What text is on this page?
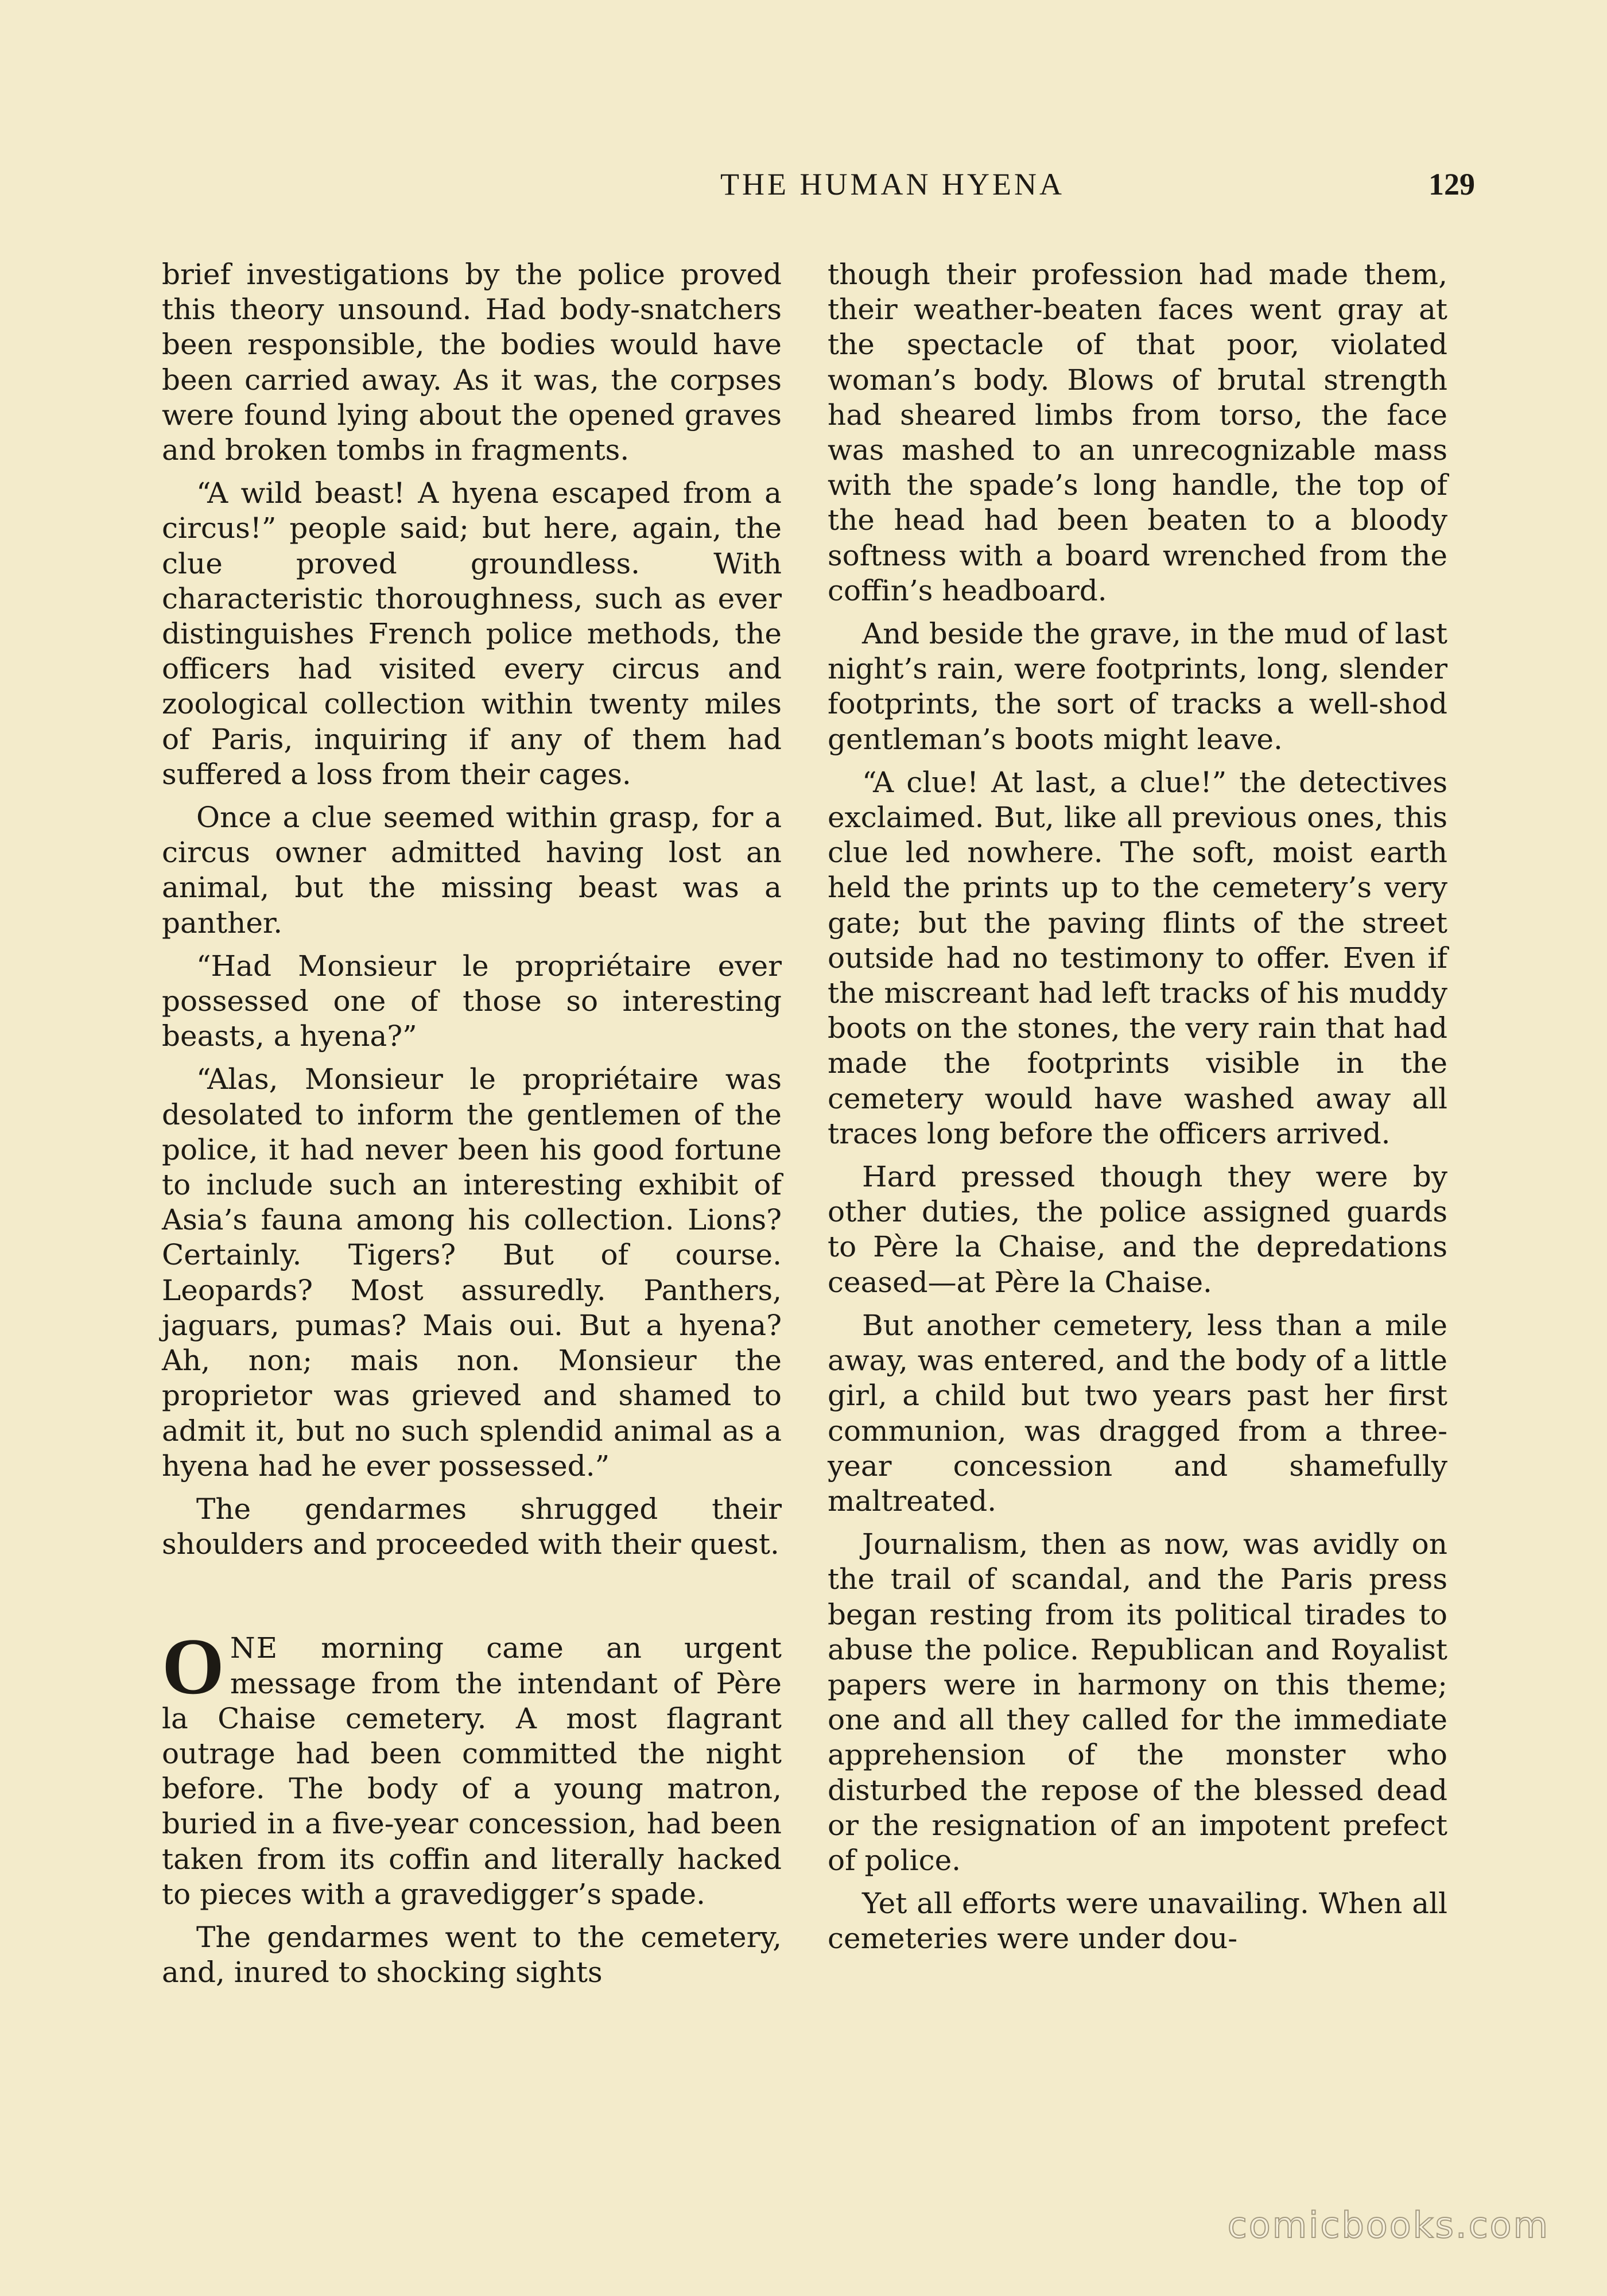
THE HUMAN HYENA	129

brief investigations by the police proved this theory unsound. Had body-snatchers been responsible, the bodies would have been carried away. As it was, the corpses were found lying about the opened graves and broken tombs in fragments.

“A wild beast! A hyena escaped from a circus!” people said; but here, again, the clue proved groundless. With characteristic thoroughness, such as ever distinguishes French police methods, the officers had visited every circus and zoological collection within twenty miles of Paris, inquiring if any of them had suffered a loss from their cages.

Once a clue seemed within grasp, for a circus owner admitted having lost an animal, but the missing beast was a panther.

“Had Monsieur le propriétaire ever possessed one of those so interesting beasts, a hyena?”

“Alas, Monsieur le propriétaire was desolated to inform the gentlemen of the police, it had never been his good fortune to include such an interesting exhibit of Asia’s fauna among his collection. Lions? Certainly. Tigers? But of course. Leopards? Most assuredly. Panthers, jaguars, pumas? Mais oui. But a hyena? Ah, non; mais non. Monsieur the proprietor was grieved and shamed to admit it, but no such splendid animal as a hyena had he ever possessed.”

The gendarmes shrugged their shoulders and proceeded with their quest.

ONE morning came an urgent message from the intendant of Père la Chaise cemetery. A most flagrant outrage had been committed the night before. The body of a young matron, buried in a five-year concession, had been taken from its coffin and literally hacked to pieces with a gravedigger’s spade.

The gendarmes went to the cemetery, and, inured to shocking sights

though their profession had made them, their weather-beaten faces went gray at the spectacle of that poor, violated woman’s body. Blows of brutal strength had sheared limbs from torso, the face was mashed to an unrecognizable mass with the spade’s long handle, the top of the head had been beaten to a bloody softness with a board wrenched from the coffin’s headboard.

And beside the grave, in the mud of last night’s rain, were footprints, long, slender footprints, the sort of tracks a well-shod gentleman’s boots might leave.

“A clue! At last, a clue!” the detectives exclaimed. But, like all previous ones, this clue led nowhere. The soft, moist earth held the prints up to the cemetery’s very gate; but the paving flints of the street outside had no testimony to offer. Even if the miscreant had left tracks of his muddy boots on the stones, the very rain that had made the footprints visible in the cemetery would have washed away all traces long before the officers arrived.

Hard pressed though they were by other duties, the police assigned guards to Père la Chaise, and the depredations ceased—at Père la Chaise.

But another cemetery, less than a mile away, was entered, and the body of a little girl, a child but two years past her first communion, was dragged from a three-year concession and shamefully maltreated.

Journalism, then as now, was avidly on the trail of scandal, and the Paris press began resting from its political tirades to abuse the police. Republican and Royalist papers were in harmony on this theme; one and all they called for the immediate apprehension of the monster who disturbed the repose of the blessed dead or the resignation of an impotent prefect of police.

Yet all efforts were unavailing. When all cemeteries were under dou-

comicbooks.com
